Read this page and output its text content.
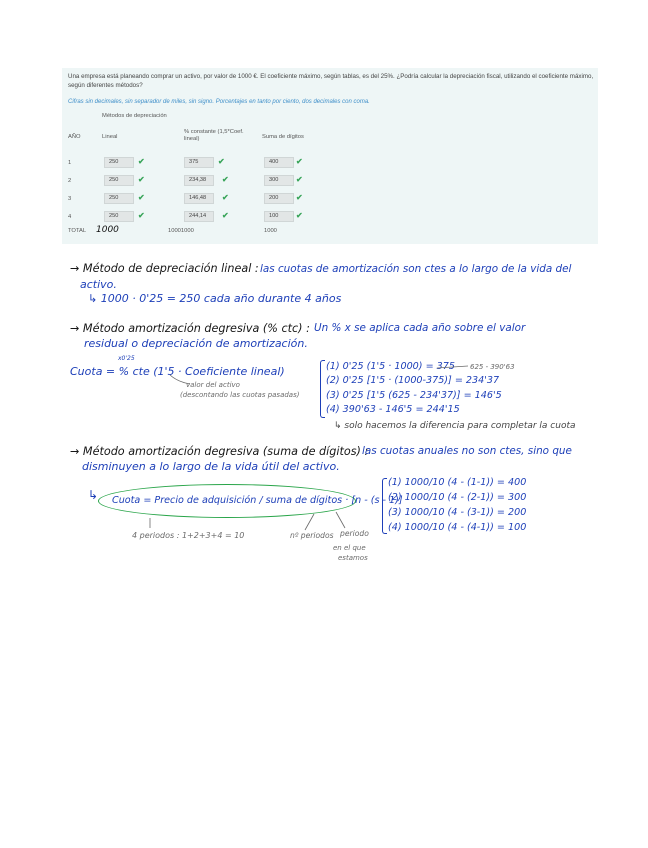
Una empresa está planeando comprar un activo, por valor de 1000 €. El coeficiente máximo, según tablas, es del 25%. ¿Podría calcular la depreciación fiscal, utilizando el coeficiente máximo, según diferentes métodos?
Cifras sin decimales, sin separador de miles, sin signo. Porcentajes en tanto por ciento, dos decimales con coma.
Métodos de depreciación
AÑO	Lineal
% constante (1,5*Coef. lineal)	Suma de dígitos
1	250	✔	375	✔	400	✔
2	250	✔	234,38	✔	300	✔
3	250	✔	146,48	✔	200	✔
4	250	✔	244,14	✔	100	✔
TOTAL 1000	10001000	1000
→ Método de depreciación lineal : las cuotas de amortización son ctes a lo largo de la vida del
activo.
↳ 1000 · 0'25 = 250 cada año durante 4 años
→ Método amortización degresiva (% ctc) : Un % x se aplica cada año sobre el valor
residual o depreciación de amortización.
x0'25
Cuota = % cte (1'5 · Coeficiente lineal)
valor del activo
(descontando las cuotas pasadas)
(1) 0'25 (1'5 · 1000) = 375
(2) 0'25 [1'5 · (1000-375)] = 234'37
(3) 0'25 [1'5 (625 - 234'37)] = 146'5
(4) 390'63 - 146'5 = 244'15
625 - 390'63
↳ solo hacemos la diferencia para completar la cuota
→ Método amortización degresiva (suma de dígitos) :
las cuotas anuales no son ctes, sino que
disminuyen a lo largo de la vida útil del activo.
↳ Cuota = Precio de adquisición / suma de dígitos · [n - (s - 1)]
4 periodos : 1+2+3+4 = 10	nº periodos periodo
en el que
estamos
(1) 1000/10 (4 - (1-1)) = 400
(2) 1000/10 (4 - (2-1)) = 300
(3) 1000/10 (4 - (3-1)) = 200
(4) 1000/10 (4 - (4-1)) = 100
